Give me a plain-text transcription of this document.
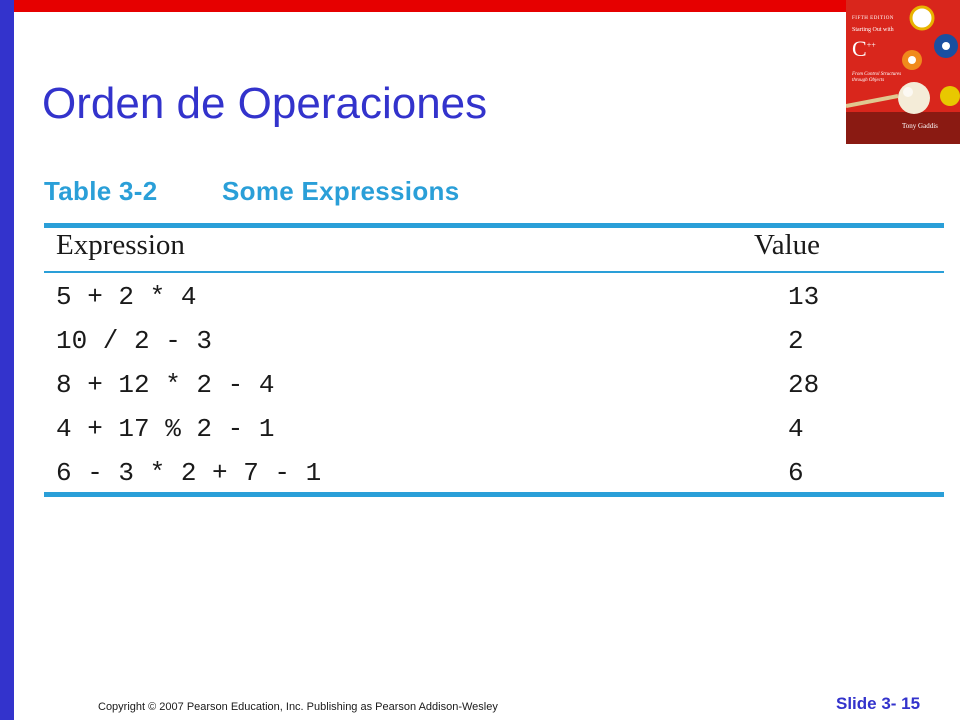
FIFTH EDITION
Starting Out with
C++
From Control Structures through Objects
Tony Gaddis
Orden de Operaciones
Table 3-2 Some Expressions
Expression	Value
5 + 2 * 4	13
10 / 2 - 3	2
8 + 12 * 2 - 4	28
4 + 17 % 2 - 1	4
6 - 3 * 2 + 7 - 1	6
Copyright © 2007 Pearson Education, Inc. Publishing as Pearson Addison-Wesley	Slide 3- 15
